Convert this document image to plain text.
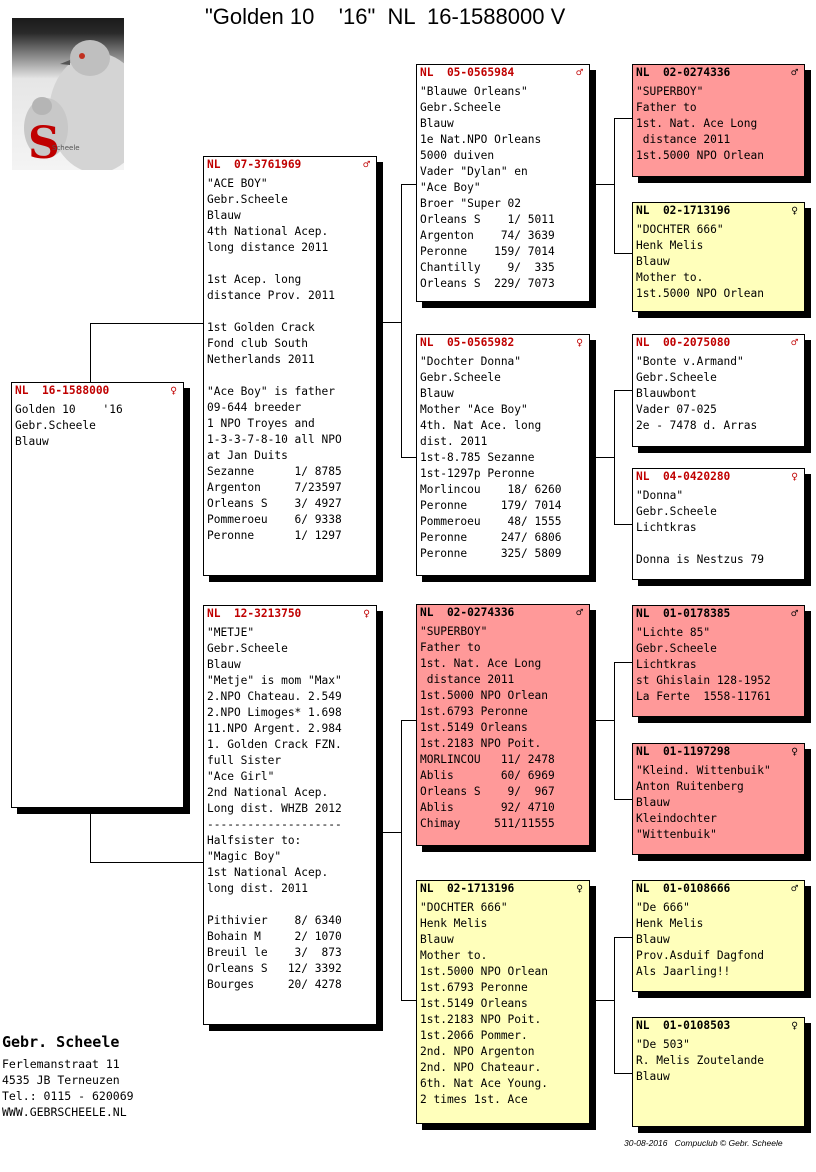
"Golden 10    '16"  NL  16-1588000 V
S
Scheele
NL  16-1588000	♀
Golden 10    '16
Gebr.Scheele
Blauw
NL  07-3761969	♂
"ACE BOY"
Gebr.Scheele
Blauw
4th National Acep.
long distance 2011
1st Acep. long
distance Prov. 2011
1st Golden Crack
Fond club South
Netherlands 2011
"Ace Boy" is father
09-644 breeder
1 NPO Troyes and
1-3-3-7-8-10 all NPO
at Jan Duits
Sezanne      1/ 8785
Argenton     7/23597
Orleans S    3/ 4927
Pommeroeu    6/ 9338
Peronne      1/ 1297
NL  12-3213750	♀
"METJE"
Gebr.Scheele
Blauw
"Metje" is mom "Max"
2.NPO Chateau. 2.549
2.NPO Limoges* 1.698
11.NPO Argent. 2.984
1. Golden Crack FZN.
full Sister
"Ace Girl"
2nd National Acep.
Long dist. WHZB 2012
--------------------
Halfsister to:
"Magic Boy"
1st National Acep.
long dist. 2011
Pithivier    8/ 6340
Bohain M     2/ 1070
Breuil le    3/  873
Orleans S   12/ 3392
Bourges     20/ 4278
NL  05-0565984	♂
"Blauwe Orleans"
Gebr.Scheele
Blauw
1e Nat.NPO Orleans
5000 duiven
Vader "Dylan" en
"Ace Boy"
Broer "Super 02
Orleans S    1/ 5011
Argenton    74/ 3639
Peronne    159/ 7014
Chantilly    9/  335
Orleans S  229/ 7073
NL  05-0565982	♀
"Dochter Donna"
Gebr.Scheele
Blauw
Mother "Ace Boy"
4th. Nat Ace. long
dist. 2011
1st-8.785 Sezanne
1st-1297p Peronne
Morlincou    18/ 6260
Peronne     179/ 7014
Pommeroeu    48/ 1555
Peronne     247/ 6806
Peronne     325/ 5809
NL  02-0274336	♂
"SUPERBOY"
Father to
1st. Nat. Ace Long
distance 2011
1st.5000 NPO Orlean
1st.6793 Peronne
1st.5149 Orleans
1st.2183 NPO Poit.
MORLINCOU   11/ 2478
Ablis       60/ 6969
Orleans S    9/  967
Ablis       92/ 4710
Chimay     511/11555
NL  02-1713196	♀
"DOCHTER 666"
Henk Melis
Blauw
Mother to.
1st.5000 NPO Orlean
1st.6793 Peronne
1st.5149 Orleans
1st.2183 NPO Poit.
1st.2066 Pommer.
2nd. NPO Argenton
2nd. NPO Chateaur.
6th. Nat Ace Young.
2 times 1st. Ace
NL  02-0274336	♂
"SUPERBOY"
Father to
1st. Nat. Ace Long
distance 2011
1st.5000 NPO Orlean
NL  02-1713196	♀
"DOCHTER 666"
Henk Melis
Blauw
Mother to.
1st.5000 NPO Orlean
NL  00-2075080	♂
"Bonte v.Armand"
Gebr.Scheele
Blauwbont
Vader 07-025
2e - 7478 d. Arras
NL  04-0420280	♀
"Donna"
Gebr.Scheele
Lichtkras
Donna is Nestzus 79
NL  01-0178385	♂
"Lichte 85"
Gebr.Scheele
Lichtkras
st Ghislain 128-1952
La Ferte  1558-11761
NL  01-1197298	♀
"Kleind. Wittenbuik"
Anton Ruitenberg
Blauw
Kleindochter
"Wittenbuik"
NL  01-0108666	♂
"De 666"
Henk Melis
Blauw
Prov.Asduif Dagfond
Als Jaarling!!
NL  01-0108503	♀
"De 503"
R. Melis Zoutelande
Blauw
Gebr. Scheele
Ferlemanstraat 11
4535 JB Terneuzen
Tel.: 0115 - 620069
WWW.GEBRSCHEELE.NL
30-08-2016   Compuclub © Gebr. Scheele
